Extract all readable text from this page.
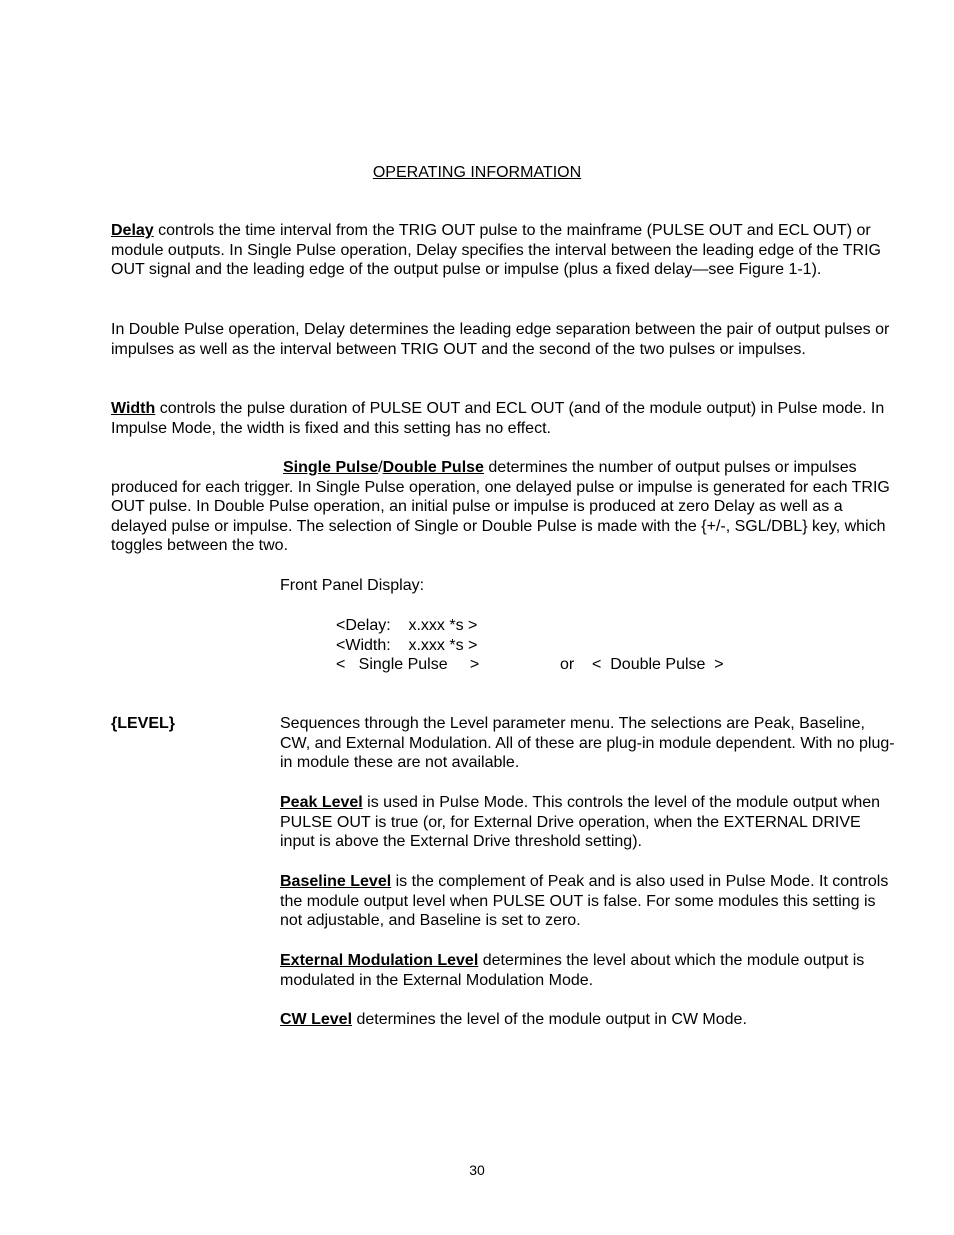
OPERATING INFORMATION

Delay controls the time interval from the TRIG OUT pulse to the mainframe (PULSE OUT and ECL OUT) or module outputs. In Single Pulse operation, Delay specifies the interval between the leading edge of the TRIG OUT signal and the leading edge of the output pulse or impulse (plus a fixed delay—see Figure 1-1).

In Double Pulse operation, Delay determines the leading edge separation between the pair of output pulses or impulses as well as the interval between TRIG OUT and the second of the two pulses or impulses.

Width controls the pulse duration of PULSE OUT and ECL OUT (and of the module output) in Pulse mode. In Impulse Mode, the width is fixed and this setting has no effect.

Single Pulse/Double Pulse determines the number of output pulses or impulses produced for each trigger. In Single Pulse operation, one delayed pulse or impulse is generated for each TRIG OUT pulse. In Double Pulse operation, an initial pulse or impulse is produced at zero Delay as well as a delayed pulse or impulse. The selection of Single or Double Pulse is made with the {+/-, SGL/DBL} key, which toggles between the two.

Front Panel Display:
<Delay:    x.xxx *s >
<Width:    x.xxx *s >
<   Single Pulse     >	or    <  Double Pulse  >
{LEVEL}	Sequences through the Level parameter menu. The selections are Peak, Baseline, CW, and External Modulation. All of these are plug-in module dependent. With no plug-in module these are not available.

Peak Level is used in Pulse Mode. This controls the level of the module output when PULSE OUT is true (or, for External Drive operation, when the EXTERNAL DRIVE input is above the External Drive threshold setting).

Baseline Level is the complement of Peak and is also used in Pulse Mode. It controls the module output level when PULSE OUT is false. For some modules this setting is not adjustable, and Baseline is set to zero.

External Modulation Level determines the level about which the module output is modulated in the External Modulation Mode.

CW Level determines the level of the module output in CW Mode.

30
